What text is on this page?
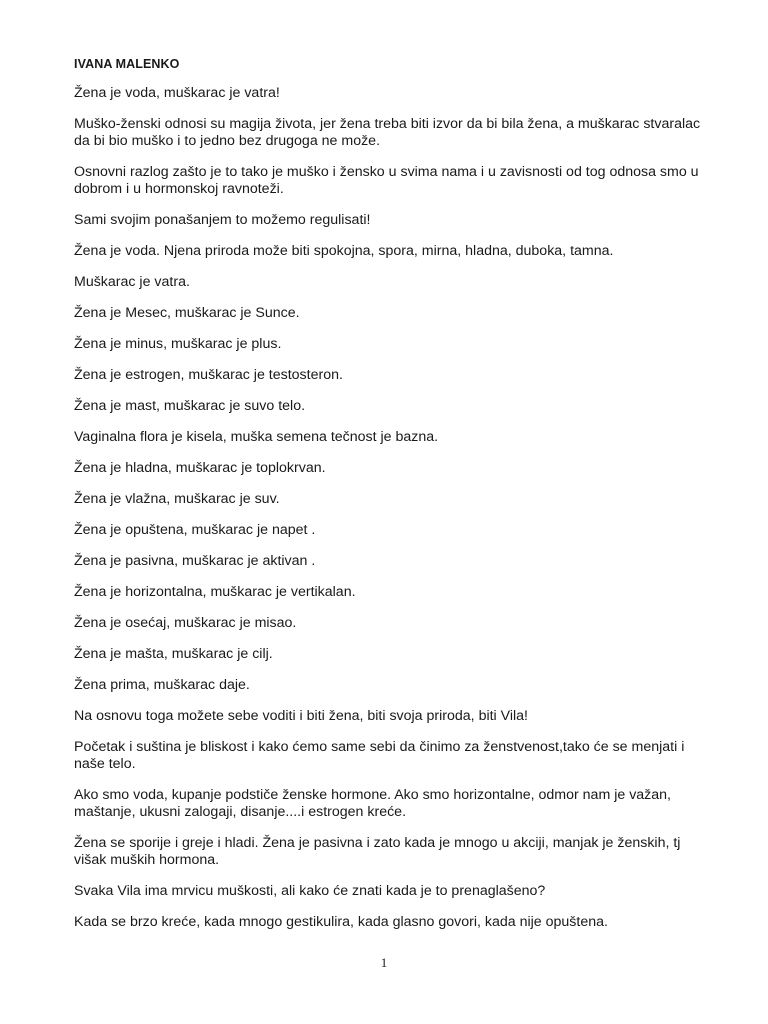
IVANA MALENKO

Žena je voda, muškarac je vatra!

Muško-ženski odnosi su magija života, jer žena treba biti izvor da bi bila žena, a muškarac stvaralac da bi bio muško i to jedno bez drugoga ne može.

Osnovni razlog zašto je to tako je muško i žensko u svima nama i u zavisnosti od tog odnosa smo u dobrom i u hormonskoj ravnoteži.

Sami svojim ponašanjem to možemo regulisati!

Žena je voda. Njena priroda može biti spokojna, spora, mirna, hladna, duboka, tamna.

Muškarac je vatra.

Žena je Mesec, muškarac je Sunce.

Žena je minus, muškarac je plus.

Žena je estrogen, muškarac je testosteron.

Žena je mast, muškarac je suvo telo.

Vaginalna flora je kisela, muška semena tečnost je bazna.

Žena je hladna, muškarac je toplokrvan.

Žena je vlažna, muškarac je suv.

Žena je opuštena, muškarac je napet .

Žena je pasivna, muškarac je aktivan .

Žena je horizontalna, muškarac je vertikalan.

Žena je osećaj, muškarac je misao.

Žena je mašta, muškarac je cilj.

Žena prima, muškarac daje.

Na osnovu toga možete sebe voditi i biti žena, biti svoja priroda, biti Vila!

Početak i suština je bliskost i kako ćemo same sebi da činimo za ženstvenost,tako će se menjati i naše telo.

Ako smo voda, kupanje podstiče ženske hormone. Ako smo horizontalne, odmor nam je važan, maštanje, ukusni zalogaji, disanje....i estrogen kreće.

Žena se sporije i greje i hladi. Žena je pasivna i zato kada je mnogo u akciji, manjak je ženskih, tj višak muških hormona.

Svaka Vila ima mrvicu muškosti, ali kako će znati kada je to prenaglašeno?

Kada se brzo kreće, kada mnogo gestikulira, kada glasno govori, kada nije opuštena.

1
